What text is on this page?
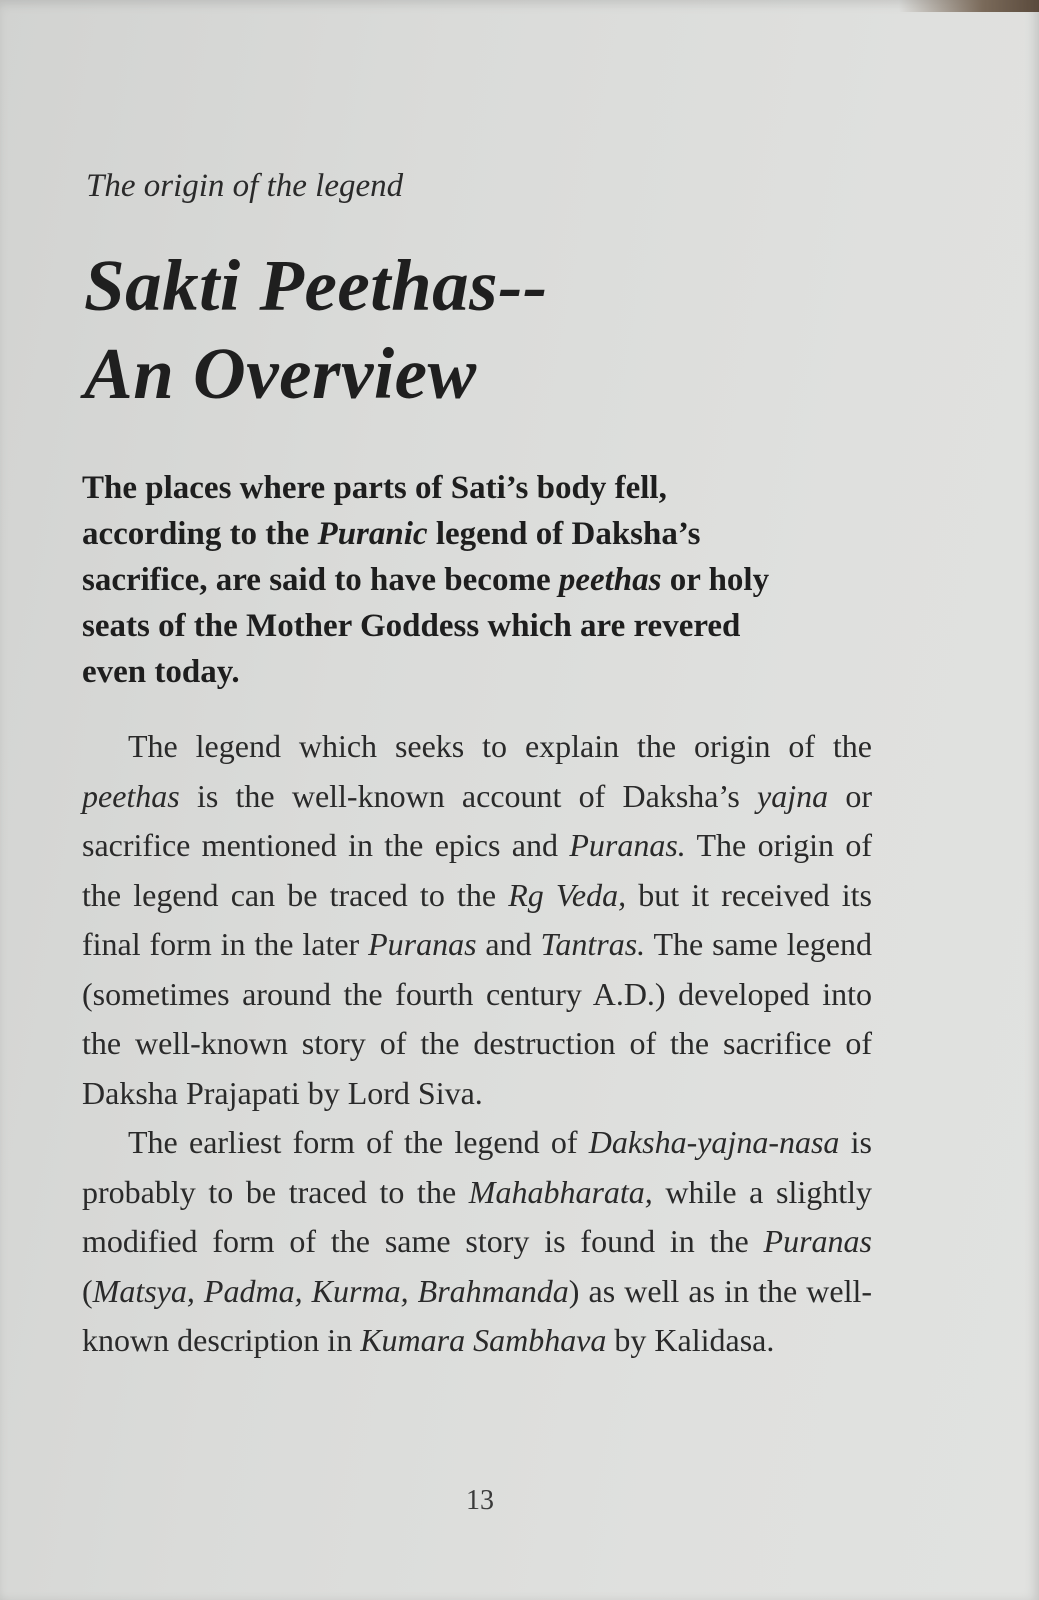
The origin of the legend
Sakti Peethas--
An Overview

The places where parts of Sati’s body fell, according to the Puranic legend of Daksha’s sacrifice, are said to have become peethas or holy seats of the Mother Goddess which are revered even today.

The legend which seeks to explain the origin of the peethas is the well-known account of Daksha’s yajna or sacrifice mentioned in the epics and Puranas. The origin of the legend can be traced to the Rg Veda, but it received its final form in the later Puranas and Tantras. The same legend (sometimes around the fourth century A.D.) developed into the well-known story of the destruction of the sacrifice of Daksha Prajapati by Lord Siva.

The earliest form of the legend of Daksha-yajna-nasa is probably to be traced to the Mahabharata, while a slightly modified form of the same story is found in the Puranas (Matsya, Padma, Kurma, Brahmanda) as well as in the well-known description in Kumara Sambhava by Kalidasa.

13
